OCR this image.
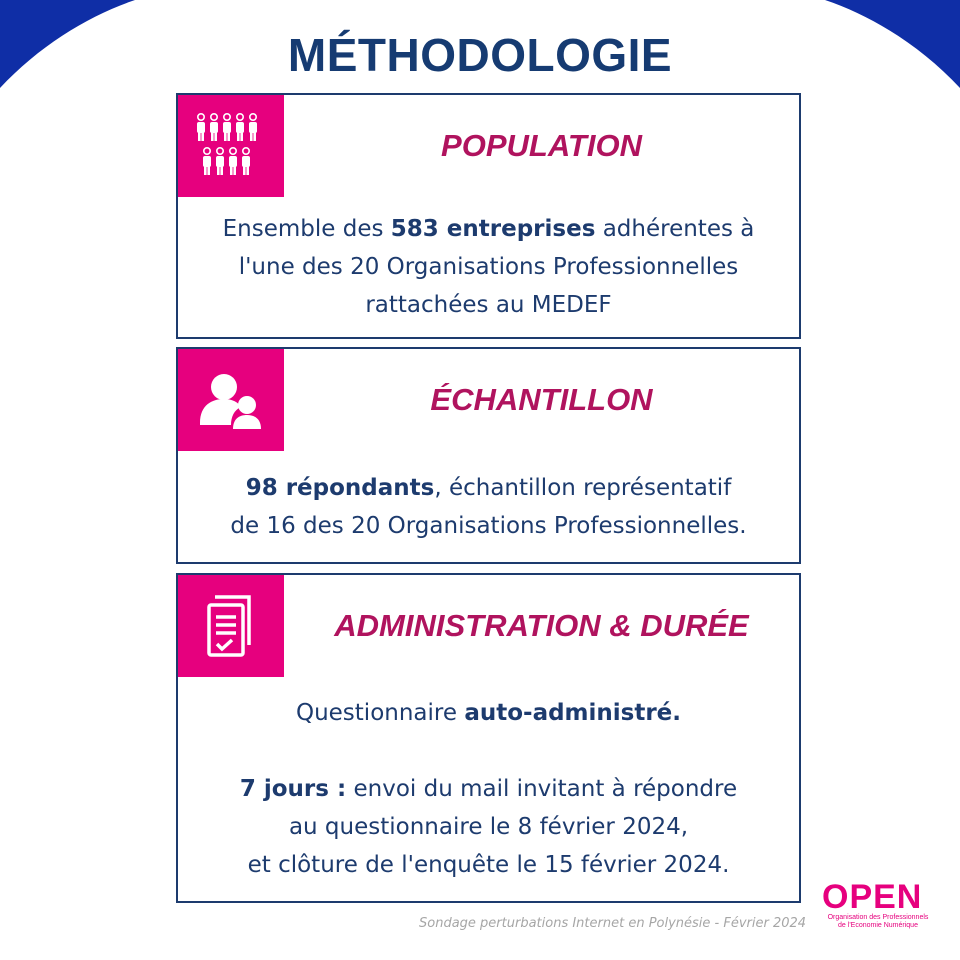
MÉTHODOLOGIE
POPULATION
Ensemble des 583 entreprises adhérentes à
l'une des 20 Organisations Professionnelles
rattachées au MEDEF
ÉCHANTILLON
98 répondants, échantillon représentatif
de 16 des 20 Organisations Professionnelles.
ADMINISTRATION & DURÉE
Questionnaire auto-administré.
7 jours : envoi du mail invitant à répondre
au questionnaire le 8 février 2024,
et clôture de l'enquête le 15 février 2024.
Sondage perturbations Internet en Polynésie - Février 2024
OPEN
Organisation des Professionnels
de l'Economie Numérique
